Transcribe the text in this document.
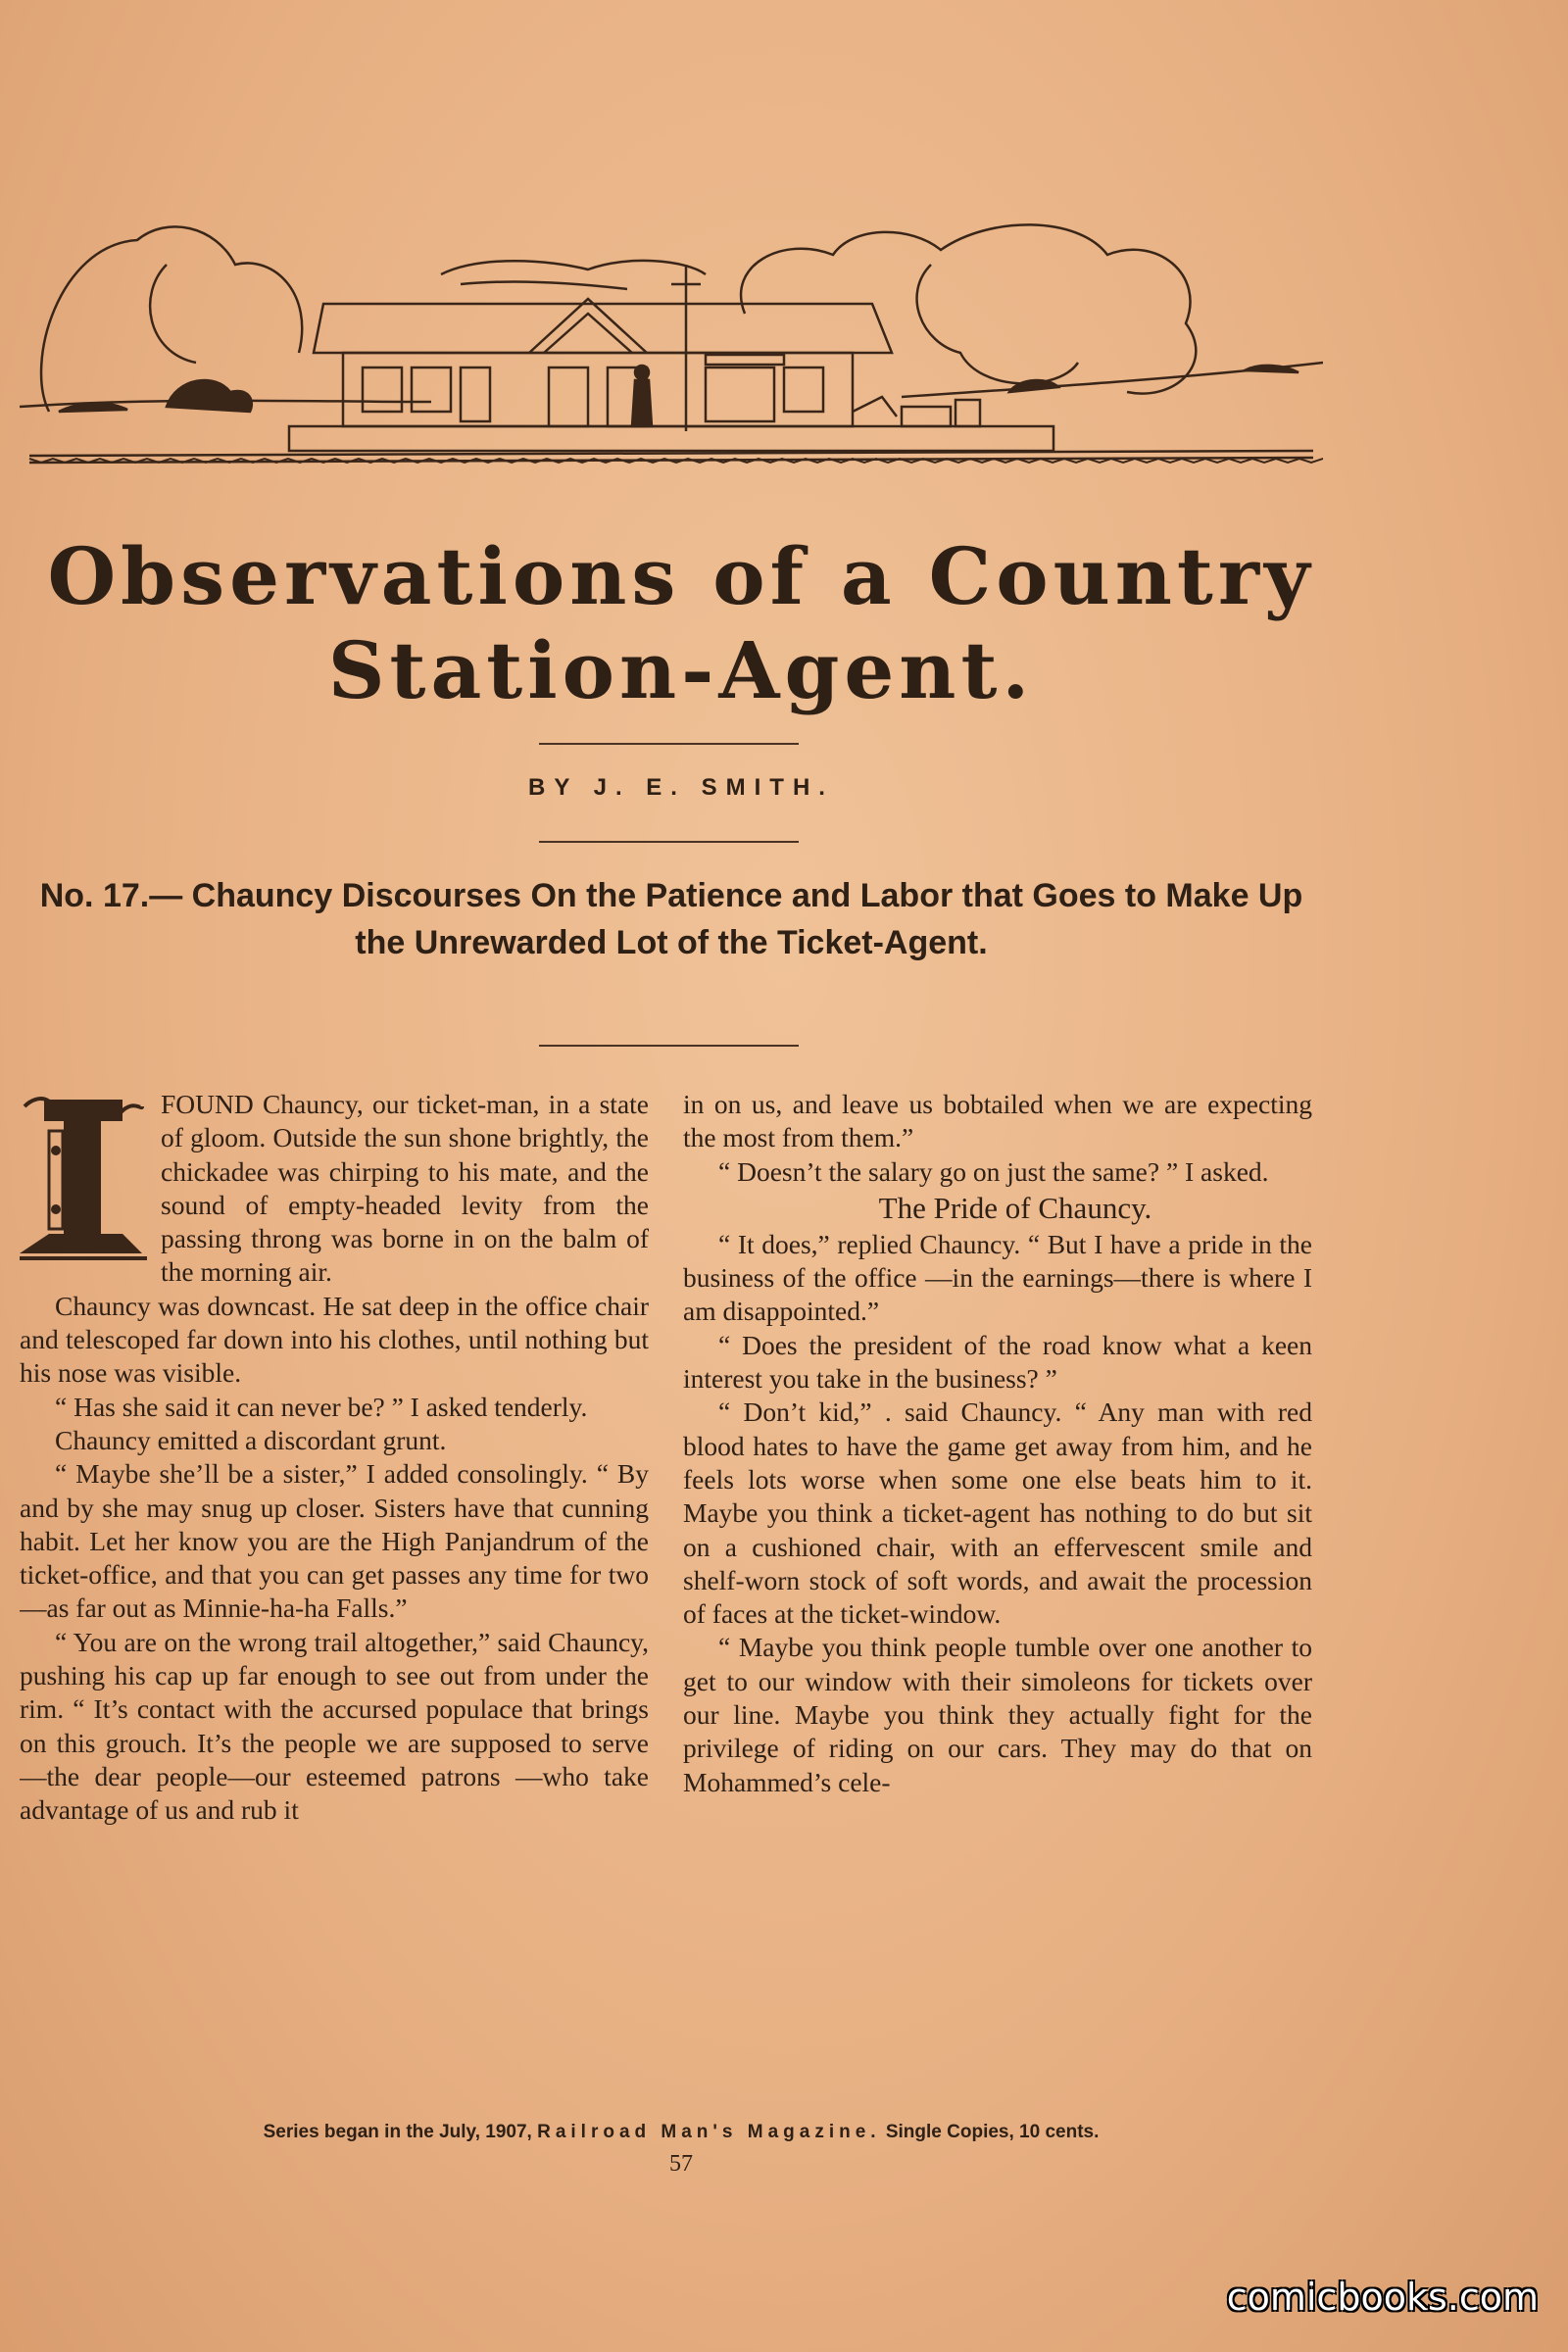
Observations of a Country
Station-Agent.
BY J. E. SMITH.
No. 17.— Chauncy Discourses On the Patience and Labor that Goes to Make Up the Unrewarded Lot of the Ticket-Agent.

FOUND Chauncy, our ticket-man, in a state of gloom. Outside the sun shone brightly, the chickadee was chirping to his mate, and the sound of empty-headed levity from the passing throng was borne in on the balm of the morning air.

Chauncy was downcast. He sat deep in the office chair and telescoped far down into his clothes, until nothing but his nose was visible.

“ Has she said it can never be? ” I asked tenderly.

Chauncy emitted a discordant grunt.

“ Maybe she’ll be a sister,” I added consolingly. “ By and by she may snug up closer. Sisters have that cunning habit. Let her know you are the High Panjandrum of the ticket-office, and that you can get passes any time for two—as far out as Minnie-ha-ha Falls.”

“ You are on the wrong trail altogether,” said Chauncy, pushing his cap up far enough to see out from under the rim. “ It’s contact with the accursed populace that brings on this grouch. It’s the people we are supposed to serve —the dear people—our esteemed patrons —who take advantage of us and rub it

in on us, and leave us bobtailed when we are expecting the most from them.”

“ Doesn’t the salary go on just the same? ” I asked.

The Pride of Chauncy.

“ It does,” replied Chauncy. “ But I have a pride in the business of the office —in the earnings—there is where I am disappointed.”

“ Does the president of the road know what a keen interest you take in the business? ”

“ Don’t kid,” . said Chauncy. “ Any man with red blood hates to have the game get away from him, and he feels lots worse when some one else beats him to it. Maybe you think a ticket-agent has nothing to do but sit on a cushioned chair, with an effervescent smile and shelf-worn stock of soft words, and await the procession of faces at the ticket-window.

“ Maybe you think people tumble over one another to get to our window with their simoleons for tickets over our line. Maybe you think they actually fight for the privilege of riding on our cars. They may do that on Mohammed’s cele-

Series began in the July, 1907, Railroad Man's Magazine. Single Copies, 10 cents.
57
comicbooks.com
